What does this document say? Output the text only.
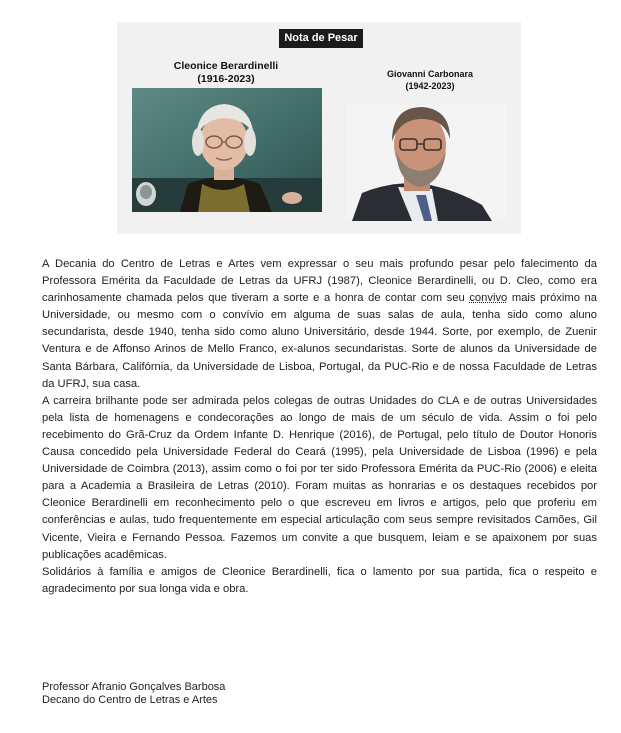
Nota de Pesar
Cleonice Berardinelli
(1916-2023)	Giovanni Carbonara
(1942-2023)

A Decania do Centro de Letras e Artes vem expressar o seu mais profundo pesar pelo falecimento da Professora Emérita da Faculdade de Letras da UFRJ (1987), Cleonice Berardinelli, ou D. Cleo, como era carinhosamente chamada pelos que tiveram a sorte e a honra de contar com seu convivo mais próximo na Universidade, ou mesmo com o convívio em alguma de suas salas de aula, tenha sido como aluno secundarista, desde 1940, tenha sido como aluno Universitário, desde 1944. Sorte, por exemplo, de Zuenir Ventura e de Affonso Arinos de Mello Franco, ex-alunos secundaristas. Sorte de alunos da Universidade de Santa Bárbara, Califórnia, da Universidade de Lisboa, Portugal, da PUC-Rio e de nossa Faculdade de Letras da UFRJ, sua casa.

A carreira brilhante pode ser admirada pelos colegas de outras Unidades do CLA e de outras Universidades pela lista de homenagens e condecorações ao longo de mais de um século de vida. Assim o foi pelo recebimento do Grã-Cruz da Ordem Infante D. Henrique (2016), de Portugal, pelo título de Doutor Honoris Causa concedido pela Universidade Federal do Ceará (1995), pela Universidade de Lisboa (1996) e pela Universidade de Coimbra (2013), assim como o foi por ter sido Professora Emérita da PUC-Rio (2006) e eleita para a Academia a Brasileira de Letras (2010). Foram muitas as honrarias e os destaques recebidos por Cleonice Berardinelli em reconhecimento pelo o que escreveu em livros e artigos, pelo que proferiu em conferências e aulas, tudo frequentemente em especial articulação com seus sempre revisitados Camões, Gil Vicente, Vieira e Fernando Pessoa. Fazemos um convite a que busquem, leiam e se apaixonem por suas publicações acadêmicas.

Solidários à família e amigos de Cleonice Berardinelli, fica o lamento por sua partida, fica o respeito e agradecimento por sua longa vida e obra.

Professor Afranio Gonçalves Barbosa
Decano do Centro de Letras e Artes
